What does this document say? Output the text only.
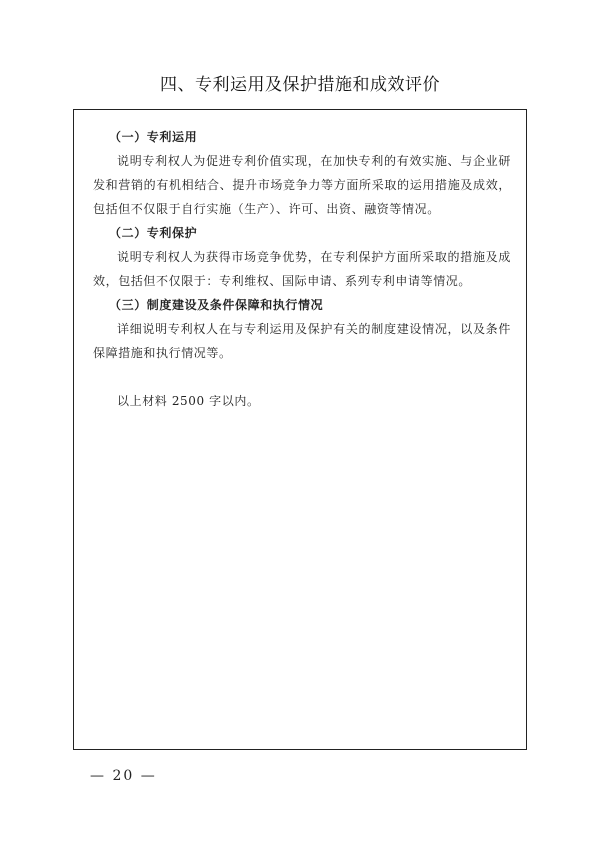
四、专利运用及保护措施和成效评价
（一）专利运用

说明专利权人为促进专利价值实现，在加快专利的有效实施、与企业研发和营销的有机相结合、提升市场竞争力等方面所采取的运用措施及成效，包括但不仅限于自行实施（生产）、许可、出资、融资等情况。

（二）专利保护

说明专利权人为获得市场竞争优势，在专利保护方面所采取的措施及成效，包括但不仅限于：专利维权、国际申请、系列专利申请等情况。

（三）制度建设及条件保障和执行情况

详细说明专利权人在与专利运用及保护有关的制度建设情况，以及条件保障措施和执行情况等。

以上材料 2500 字以内。

— 20 —
